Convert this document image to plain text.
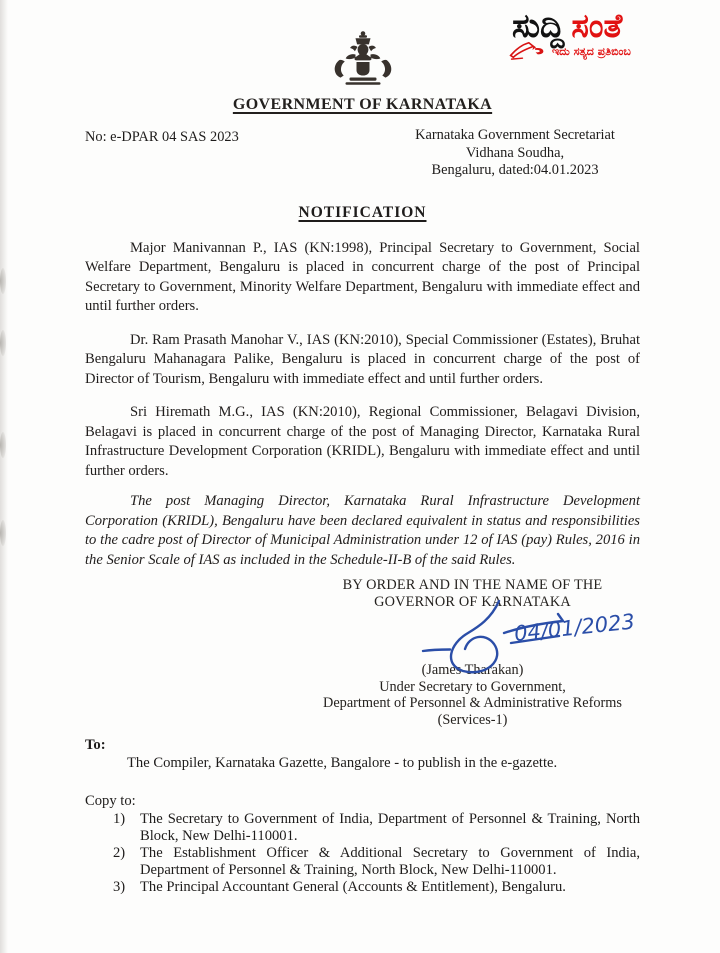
ಸುದ್ದಿ ಸಂತೆ
ಇದು ಸತ್ಯದ ಪ್ರತಿಬಿಂಬ
GOVERNMENT OF KARNATAKA
No: e-DPAR 04 SAS 2023	Karnataka Government Secretariat
Vidhana Soudha,
Bengaluru, dated:04.01.2023
NOTIFICATION

Major Manivannan P., IAS (KN:1998), Principal Secretary to Government, Social Welfare Department, Bengaluru is placed in concurrent charge of the post of Principal Secretary to Government, Minority Welfare Department, Bengaluru with immediate effect and until further orders.

Dr. Ram Prasath Manohar V., IAS (KN:2010), Special Commissioner (Estates), Bruhat Bengaluru Mahanagara Palike, Bengaluru is placed in concurrent charge of the post of Director of Tourism, Bengaluru with immediate effect and until further orders.

Sri Hiremath M.G., IAS (KN:2010), Regional Commissioner, Belagavi Division, Belagavi is placed in concurrent charge of the post of Managing Director, Karnataka Rural Infrastructure Development Corporation (KRIDL), Bengaluru with immediate effect and until further orders.

The post Managing Director, Karnataka Rural Infrastructure Development Corporation (KRIDL), Bengaluru have been declared equivalent in status and responsibilities to the cadre post of Director of Municipal Administration under 12 of IAS (pay) Rules, 2016 in the Senior Scale of IAS as included in the Schedule-II-B of the said Rules.

BY ORDER AND IN THE NAME OF THE
GOVERNOR OF KARNATAKA
04/01/2023
(James Tharakan)
Under Secretary to Government,
Department of Personnel & Administrative Reforms
(Services-1)
To:
The Compiler, Karnataka Gazette, Bangalore - to publish in the e-gazette.
Copy to:
1)	The Secretary to Government of India, Department of Personnel & Training, North Block, New Delhi-110001.
2)	The Establishment Officer & Additional Secretary to Government of India, Department of Personnel & Training, North Block, New Delhi-110001.
3)	The Principal Accountant General (Accounts & Entitlement), Bengaluru.
